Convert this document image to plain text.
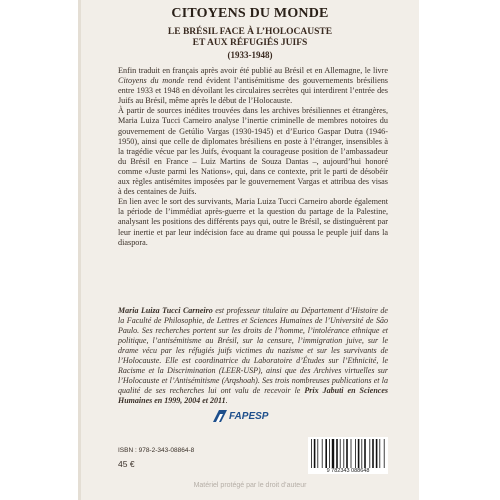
CITOYENS DU MONDE
LE BRÉSIL FACE À L’HOLOCAUSTE
ET AUX RÉFUGIÉS JUIFS
(1933-1948)

Enfin traduit en français après avoir été publié au Brésil et en Allemagne, le livre Citoyens du monde rend évident l’antisémitisme des gouvernements brésiliens entre 1933 et 1948 en dévoilant les circulaires secrètes qui interdirent l’entrée des Juifs au Brésil, même après le début de l’Holocauste.

À partir de sources inédites trouvées dans les archives brésiliennes et étrangères, Maria Luiza Tucci Carneiro analyse l’inertie criminelle de membres notoires du gouvernement de Getúlio Vargas (1930-1945) et d’Eurico Gaspar Dutra (1946-1950), ainsi que celle de diplomates brésiliens en poste à l’étranger, insensibles à la tragédie vécue par les Juifs, évoquant la courageuse position de l’ambassadeur du Brésil en France – Luiz Martins de Souza Dantas –, aujourd’hui honoré comme «Juste parmi les Nations», qui, dans ce contexte, prit le parti de désobéir aux règles antisémites imposées par le gouvernement Vargas et attribua des visas à des centaines de Juifs.

En lien avec le sort des survivants, Maria Luiza Tucci Carneiro aborde également la période de l’immédiat après-guerre et la question du partage de la Palestine, analysant les positions des différents pays qui, outre le Brésil, se distinguèrent par leur inertie et par leur indécision face au drame qui poussa le peuple juif dans la diaspora.

Maria Luiza Tucci Carneiro est professeur titulaire au Département d’Histoire de la Faculté de Philosophie, de Lettres et Sciences Humaines de l’Université de São Paulo. Ses recherches portent sur les droits de l’homme, l’intolérance ethnique et politique, l’antisémitisme au Brésil, sur la censure, l’immigration juive, sur le drame vécu par les réfugiés juifs victimes du nazisme et sur les survivants de l’Holocauste. Elle est coordinatrice du Laboratoire d’Études sur l’Ethnicité, le Racisme et la Discrimination (LEER-USP), ainsi que des Archives virtuelles sur l’Holocauste et l’Antisémitisme (Arqshoah). Ses trois nombreuses publications et la qualité de ses recherches lui ont valu de recevoir le Prix Jabuti en Sciences Humaines en 1999, 2004 et 2011.
FAPESP
ISBN : 978-2-343-08864-8
45 €
9 782343 088648
Matériel protégé par le droit d’auteur
